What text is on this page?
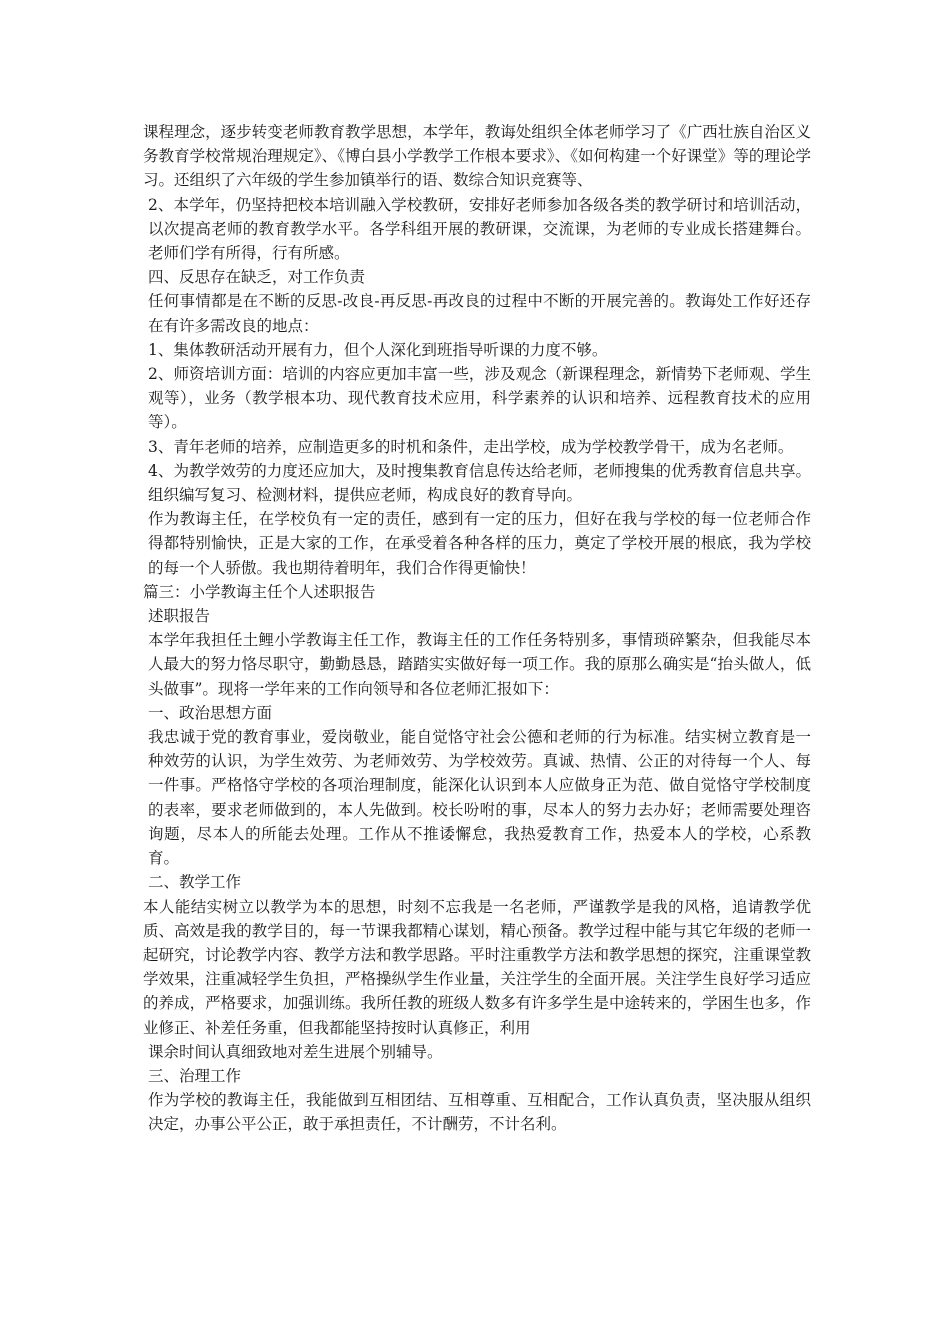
课程理念，逐步转变老师教育教学思想，本学年，教诲处组织全体老师学习了《广西壮族自治区义务教育学校常规治理规定》、《博白县小学教学工作根本要求》、《如何构建一个好课堂》等的理论学习。还组织了六年级的学生参加镇举行的语、数综合知识竞赛等、

2、本学年，仍坚持把校本培训融入学校教研，安排好老师参加各级各类的教学研讨和培训活动，以次提高老师的教育教学水平。各学科组开展的教研课，交流课，为老师的专业成长搭建舞台。老师们学有所得，行有所感。

四、反思存在缺乏，对工作负责

任何事情都是在不断的反思-改良-再反思-再改良的过程中不断的开展完善的。教诲处工作好还存在有许多需改良的地点：

1、集体教研活动开展有力，但个人深化到班指导听课的力度不够。

2、师资培训方面：培训的内容应更加丰富一些，涉及观念（新课程理念，新情势下老师观、学生观等），业务（教学根本功、现代教育技术应用，科学素养的认识和培养、远程教育技术的应用等）。

3、青年老师的培养，应制造更多的时机和条件，走出学校，成为学校教学骨干，成为名老师。

4、为教学效劳的力度还应加大，及时搜集教育信息传达给老师，老师搜集的优秀教育信息共享。组织编写复习、检测材料，提供应老师，构成良好的教育导向。

作为教诲主任，在学校负有一定的责任，感到有一定的压力，但好在我与学校的每一位老师合作得都特别愉快，正是大家的工作，在承受着各种各样的压力，奠定了学校开展的根底，我为学校的每一个人骄傲。我也期待着明年，我们合作得更愉快！

篇三：小学教诲主任个人述职报告

述职报告

本学年我担任土鲤小学教诲主任工作，教诲主任的工作任务特别多，事情琐碎繁杂，但我能尽本人最大的努力恪尽职守，勤勤恳恳，踏踏实实做好每一项工作。我的原那么确实是“抬头做人，低头做事”。现将一学年来的工作向领导和各位老师汇报如下：

一、政治思想方面

我忠诚于党的教育事业，爱岗敬业，能自觉恪守社会公德和老师的行为标准。结实树立教育是一种效劳的认识，为学生效劳、为老师效劳、为学校效劳。真诚、热情、公正的对待每一个人、每一件事。严格恪守学校的各项治理制度，能深化认识到本人应做身正为范、做自觉恪守学校制度的表率，要求老师做到的，本人先做到。校长吩咐的事，尽本人的努力去办好；老师需要处理咨询题，尽本人的所能去处理。工作从不推诿懈怠，我热爱教育工作，热爱本人的学校，心系教育。

二、教学工作

本人能结实树立以教学为本的思想，时刻不忘我是一名老师，严谨教学是我的风格，追请教学优质、高效是我的教学目的，每一节课我都精心谋划，精心预备。教学过程中能与其它年级的老师一起研究，讨论教学内容、教学方法和教学思路。平时注重教学方法和教学思想的探究，注重课堂教学效果，注重减轻学生负担，严格操纵学生作业量，关注学生的全面开展。关注学生良好学习适应的养成，严格要求，加强训练。我所任教的班级人数多有许多学生是中途转来的，学困生也多，作业修正、补差任务重，但我都能坚持按时认真修正，利用

课余时间认真细致地对差生进展个别辅导。

三、治理工作

作为学校的教诲主任，我能做到互相团结、互相尊重、互相配合，工作认真负责，坚决服从组织决定，办事公平公正，敢于承担责任，不计酬劳，不计名利。
